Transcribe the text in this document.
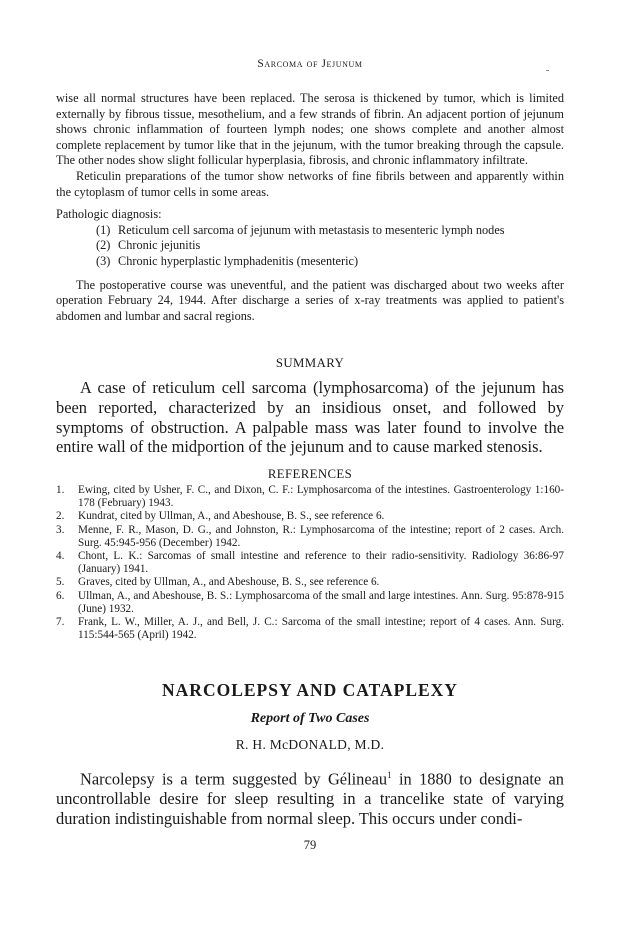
Sarcoma of Jejunum

wise all normal structures have been replaced. The serosa is thickened by tumor, which is limited externally by fibrous tissue, mesothelium, and a few strands of fibrin. An adjacent portion of jejunum shows chronic inflammation of fourteen lymph nodes; one shows complete and another almost complete replacement by tumor like that in the jejunum, with the tumor breaking through the capsule. The other nodes show slight follicular hyperplasia, fibrosis, and chronic inflammatory infiltrate.

Reticulin preparations of the tumor show networks of fine fibrils between and apparently within the cytoplasm of tumor cells in some areas.

Pathologic diagnosis:

(1) Reticulum cell sarcoma of jejunum with metastasis to mesenteric lymph nodes
(2) Chronic jejunitis
(3) Chronic hyperplastic lymphadenitis (mesenteric)

The postoperative course was uneventful, and the patient was discharged about two weeks after operation February 24, 1944. After discharge a series of x-ray treatments was applied to patient's abdomen and lumbar and sacral regions.

SUMMARY

A case of reticulum cell sarcoma (lymphosarcoma) of the jejunum has been reported, characterized by an insidious onset, and followed by symptoms of obstruction. A palpable mass was later found to involve the entire wall of the midportion of the jejunum and to cause marked stenosis.

REFERENCES
1. Ewing, cited by Usher, F. C., and Dixon, C. F.: Lymphosarcoma of the intestines. Gastroenterology 1:160-178 (February) 1943.
2. Kundrat, cited by Ullman, A., and Abeshouse, B. S., see reference 6.
3. Menne, F. R., Mason, D. G., and Johnston, R.: Lymphosarcoma of the intestine; report of 2 cases. Arch. Surg. 45:945-956 (December) 1942.
4. Chont, L. K.: Sarcomas of small intestine and reference to their radio-sensitivity. Radiology 36:86-97 (January) 1941.
5. Graves, cited by Ullman, A., and Abeshouse, B. S., see reference 6.
6. Ullman, A., and Abeshouse, B. S.: Lymphosarcoma of the small and large intestines. Ann. Surg. 95:878-915 (June) 1932.
7. Frank, L. W., Miller, A. J., and Bell, J. C.: Sarcoma of the small intestine; report of 4 cases. Ann. Surg. 115:544-565 (April) 1942.
NARCOLEPSY AND CATAPLEXY
Report of Two Cases
R. H. McDONALD, M.D.

Narcolepsy is a term suggested by Gélineau$^1$ in 1880 to designate an uncontrollable desire for sleep resulting in a trancelike state of varying duration indistinguishable from normal sleep. This occurs under condi-

79
